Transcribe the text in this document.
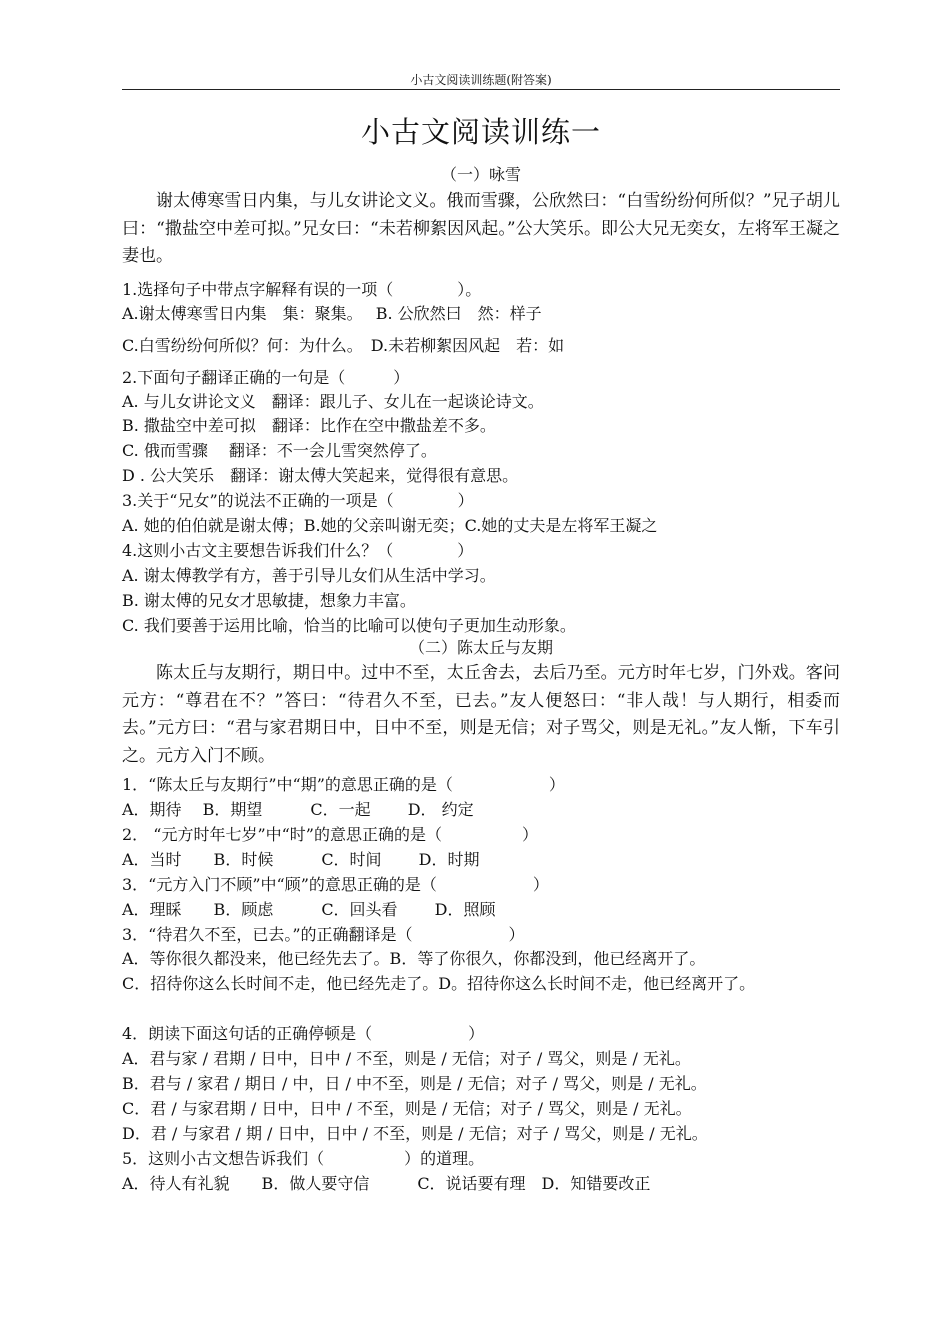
小古文阅读训练题(附答案)
小古文阅读训练一
（一）咏雪

谢太傅寒雪日内集，与儿女讲论文义。俄而雪骤，公欣然曰：“白雪纷纷何所似？”兄子胡儿曰：“撒盐空中差可拟。”兄女曰：“未若柳絮因风起。”公大笑乐。即公大兄无奕女，左将军王凝之妻也。

1.选择句子中带点字解释有误的一项（　　　　）。
A.谢太傅寒雪日内集　集：聚集。　 B. 公欣然曰　然：样子
C.白雪纷纷何所似？何：为什么。　D.未若柳絮因风起　若：如
2.下面句子翻译正确的一句是（　　　）
A. 与儿女讲论文义　翻译：跟儿子、女儿在一起谈论诗文。
B. 撒盐空中差可拟　翻译：比作在空中撒盐差不多。
C. 俄而雪骤　 翻译：不一会儿雪突然停了。
D . 公大笑乐　翻译：谢太傅大笑起来，觉得很有意思。
3.关于“兄女”的说法不正确的一项是（　　　　）
A. 她的伯伯就是谢太傅；B.她的父亲叫谢无奕；C.她的丈夫是左将军王凝之
4.这则小古文主要想告诉我们什么？（　　　　）
A. 谢太傅教学有方，善于引导儿女们从生活中学习。
B. 谢太傅的兄女才思敏捷，想象力丰富。
C. 我们要善于运用比喻，恰当的比喻可以使句子更加生动形象。
（二）陈太丘与友期

陈太丘与友期行，期日中。过中不至，太丘舍去，去后乃至。元方时年七岁，门外戏。客问元方：“尊君在不？”答曰：“待君久不至，已去。”友人便怒曰：“非人哉！与人期行，相委而去。”元方曰：“君与家君期日中，日中不至，则是无信；对子骂父，则是无礼。”友人惭，下车引之。元方入门不顾。

1．“陈太丘与友期行”中“期”的意思正确的是（　　　　　　）
A．期待　 B．期望　　　C．一起　　 D． 约定
2． “元方时年七岁”中“时”的意思正确的是（　　　　　）
A．当时　　B．时候　　　C．时间　　 D．时期
3．“元方入门不顾”中“顾”的意思正确的是（　　　　　　）
A．理睬　　B．顾虑　　　C．回头看　　 D．照顾
3．“待君久不至，已去。”的正确翻译是（　　　　　　）
A．等你很久都没来，他已经先去了。B．等了你很久，你都没到，他已经离开了。
C．招待你这么长时间不走，他已经先走了。D。招待你这么长时间不走，他已经离开了。
4．朗读下面这句话的正确停顿是（　　　　　　）
A．君与家 / 君期 / 日中，日中 / 不至，则是 / 无信；对子 / 骂父，则是 / 无礼。
B．君与 / 家君 / 期日 / 中，日 / 中不至，则是 / 无信；对子 / 骂父，则是 / 无礼。
C．君 / 与家君期 / 日中，日中 / 不至，则是 / 无信；对子 / 骂父，则是 / 无礼。
D．君 / 与家君 / 期 / 日中，日中 / 不至，则是 / 无信；对子 / 骂父，则是 / 无礼。
5．这则小古文想告诉我们（　　　　　）的道理。
A．待人有礼貌　　B．做人要守信　　　C．说话要有理　D．知错要改正
